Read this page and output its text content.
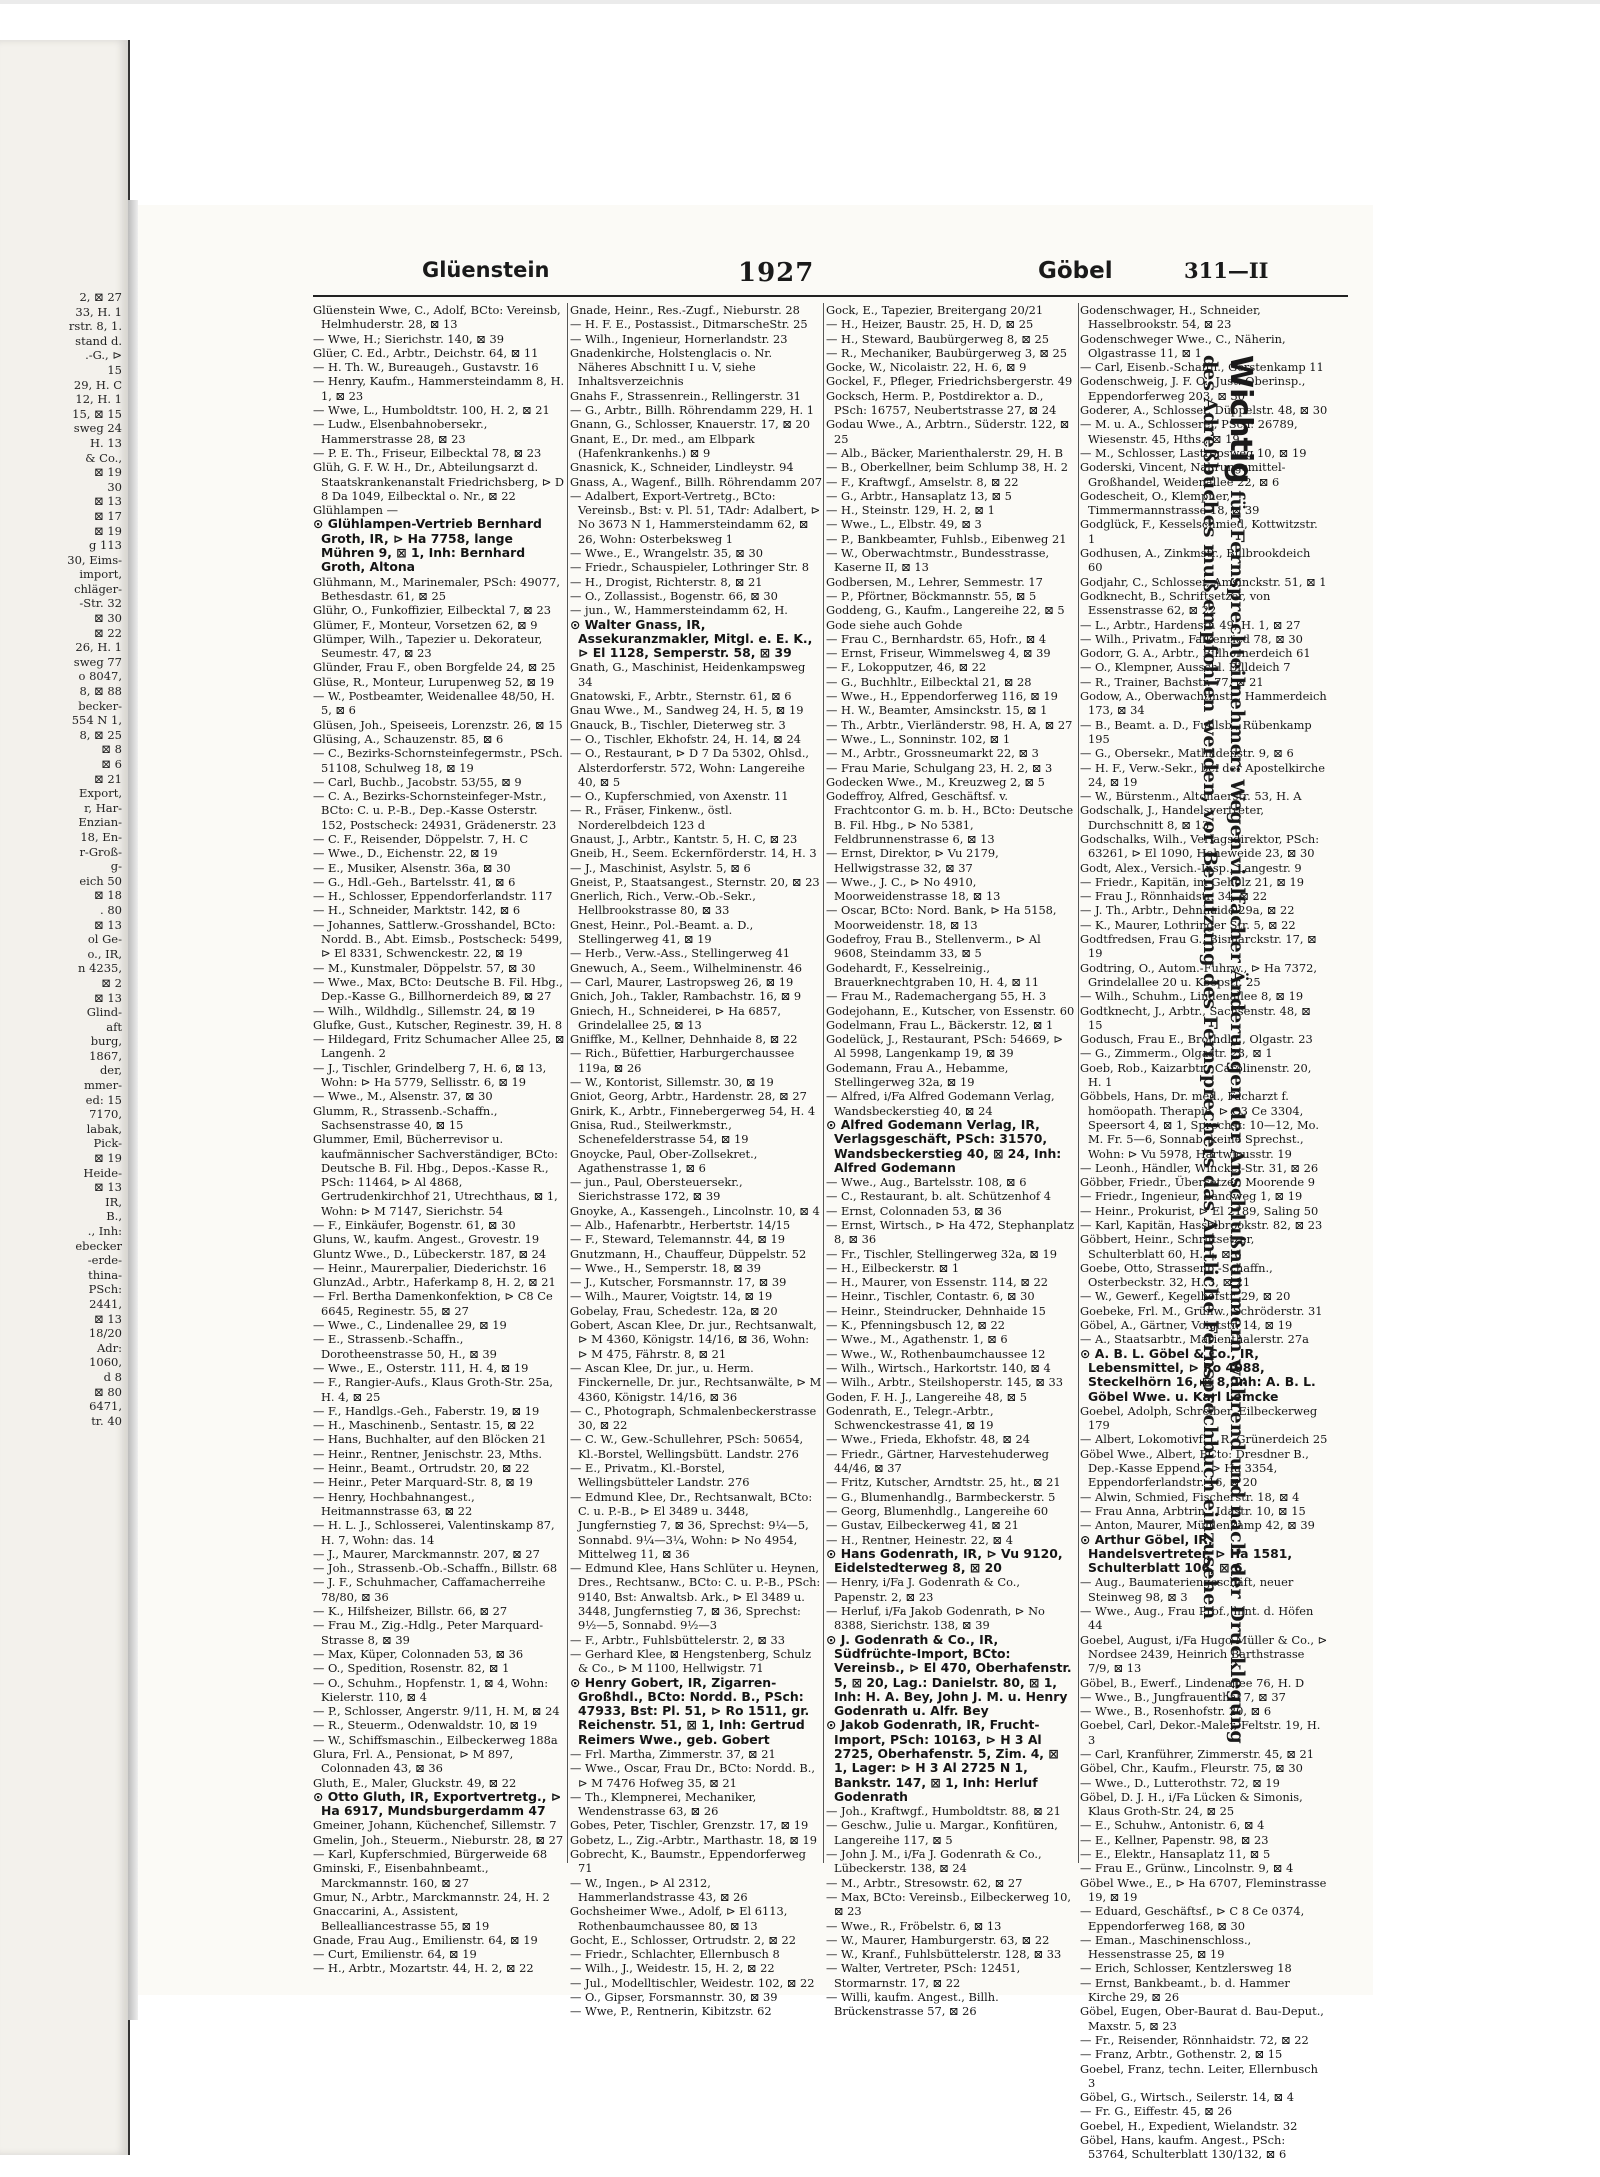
2, ⊠ 27
33, H. 1
rstr. 8, 1.
stand d.
.-G., ⊳
15
29, H. C
12, H. 1
15, ⊠ 15
sweg 24
H. 13
& Co.,
⊠ 19
30
⊠ 13
⊠ 17
⊠ 19
g 113
30, Eims-
import,
chläger-
-Str. 32
⊠ 30
⊠ 22
26, H. 1
sweg 77
o 8047,
8, ⊠ 88
becker-
554 N 1,
8, ⊠ 25
⊠ 8
⊠ 6
⊠ 21
Export,
r, Har-
Enzian-
18, En-
r-Groß-
g-
eich 50
⊠ 18
. 80
⊠ 13
ol Ge-
o., IR,
n 4235,
⊠ 2
⊠ 13
Glind-
aft
burg,
1867,
der,
mmer-
ed: 15
7170,
labak,
Pick-
⊠ 19
Heide-
⊠ 13
IR,
B.,
., Inh:
ebecker
-erde-
thina-
PSch:
2441,
⊠ 13
18/20
Adr:
1060,
d 8
⊠ 80
6471,
tr. 40
Glüenstein	1927	Göbel	311—II

Glüenstein Wwe, C., Adolf, BCto: Vereinsb, Helmhuderstr. 28, ⊠ 13

— Wwe, H.; Sierichstr. 140, ⊠ 39

Glüer, C. Ed., Arbtr., Deichstr. 64, ⊠ 11

— H. Th. W., Bureaugeh., Gustavstr. 16

— Henry, Kaufm., Hammersteindamm 8, H. 1, ⊠ 23

— Wwe, L., Humboldtstr. 100, H. 2, ⊠ 21

— Ludw., Elsenbahnobersekr., Hammerstrasse 28, ⊠ 23

— P. E. Th., Friseur, Eilbecktal 78, ⊠ 23

Glüh, G. F. W. H., Dr., Abteilungsarzt d. Staatskrankenanstalt Friedrichsberg, ⊳ D 8 Da 1049, Eilbecktal o. Nr., ⊠ 22

Glühlampen —

⊙ Glühlampen-Vertrieb Bernhard Groth, IR, ⊳ Ha 7758, lange Mühren 9, ⊠ 1, Inh: Bernhard Groth, Altona

Glühmann, M., Marinemaler, PSch: 49077, Bethesdastr. 61, ⊠ 25

Glühr, O., Funkoffizier, Eilbecktal 7, ⊠ 23

Glümer, F., Monteur, Vorsetzen 62, ⊠ 9

Glümper, Wilh., Tapezier u. Dekorateur, Seumestr. 47, ⊠ 23

Glünder, Frau F., oben Borgfelde 24, ⊠ 25

Glüse, R., Monteur, Lurupenweg 52, ⊠ 19

— W., Postbeamter, Weidenallee 48/50, H. 5, ⊠ 6

Glüsen, Joh., Speiseeis, Lorenzstr. 26, ⊠ 15

Glüsing, A., Schauzenstr. 85, ⊠ 6

— C., Bezirks-Schornsteinfegermstr., PSch. 51108, Schulweg 18, ⊠ 19

— Carl, Buchb., Jacobstr. 53/55, ⊠ 9

— C. A., Bezirks-Schornsteinfeger-Mstr., BCto: C. u. P.-B., Dep.-Kasse Osterstr. 152, Postscheck: 24931, Grädenerstr. 23

— C. F., Reisender, Döppelstr. 7, H. C

— Wwe., D., Eichenstr. 22, ⊠ 19

— E., Musiker, Alsenstr. 36a, ⊠ 30

— G., Hdl.-Geh., Bartelsstr. 41, ⊠ 6

— H., Schlosser, Eppendorferlandstr. 117

— H., Schneider, Marktstr. 142, ⊠ 6

— Johannes, Sattlerw.-Grosshandel, BCto: Nordd. B., Abt. Eimsb., Postscheck: 5499, ⊳ El 8331, Schwenckestr. 22, ⊠ 19

— M., Kunstmaler, Döppelstr. 57, ⊠ 30

— Wwe., Max, BCto: Deutsche B. Fil. Hbg., Dep.-Kasse G., Billhornerdeich 89, ⊠ 27

— Wilh., Wildhdlg., Sillemstr. 24, ⊠ 19

Glufke, Gust., Kutscher, Reginestr. 39, H. 8

— Hildegard, Fritz Schumacher Allee 25, ⊠ Langenh. 2

— J., Tischler, Grindelberg 7, H. 6, ⊠ 13, Wohn: ⊳ Ha 5779, Sellisstr. 6, ⊠ 19

— Wwe., M., Alsenstr. 37, ⊠ 30

Glumm, R., Strassenb.-Schaffn., Sachsenstrasse 40, ⊠ 15

Glummer, Emil, Bücherrevisor u. kaufmännischer Sachverständiger, BCto: Deutsche B. Fil. Hbg., Depos.-Kasse R., PSch: 11464, ⊳ Al 4868, Gertrudenkirchhof 21, Utrechthaus, ⊠ 1, Wohn: ⊳ M 7147, Sierichstr. 54

— F., Einkäufer, Bogenstr. 61, ⊠ 30

Gluns, W., kaufm. Angest., Grovestr. 19

Gluntz Wwe., D., Lübeckerstr. 187, ⊠ 24

— Heinr., Maurerpalier, Diederichstr. 16

GlunzAd., Arbtr., Haferkamp 8, H. 2, ⊠ 21

— Frl. Bertha Damenkonfektion, ⊳ C8 Ce 6645, Reginestr. 55, ⊠ 27

— Wwe., C., Lindenallee 29, ⊠ 19

— E., Strassenb.-Schaffn., Dorotheenstrasse 50, H., ⊠ 39

— Wwe., E., Osterstr. 111, H. 4, ⊠ 19

— F., Rangier-Aufs., Klaus Groth-Str. 25a, H. 4, ⊠ 25

— F., Handlgs.-Geh., Faberstr. 19, ⊠ 19

— H., Maschinenb., Sentastr. 15, ⊠ 22

— Hans, Buchhalter, auf den Blöcken 21

— Heinr., Rentner, Jenischstr. 23, Mths.

— Heinr., Beamt., Ortrudstr. 20, ⊠ 22

— Heinr., Peter Marquard-Str. 8, ⊠ 19

— Henry, Hochbahnangest., Heitmannstrasse 63, ⊠ 22

— H. L. J., Schlosserei, Valentinskamp 87, H. 7, Wohn: das. 14

— J., Maurer, Marckmannstr. 207, ⊠ 27

— Joh., Strassenb.-Ob.-Schaffn., Billstr. 68

— J. F., Schuhmacher, Caffamacherreihe 78/80, ⊠ 36

— K., Hilfsheizer, Billstr. 66, ⊠ 27

— Frau M., Zig.-Hdlg., Peter Marquard-Strasse 8, ⊠ 39

— Max, Küper, Colonnaden 53, ⊠ 36

— O., Spedition, Rosenstr. 82, ⊠ 1

— O., Schuhm., Hopfenstr. 1, ⊠ 4, Wohn: Kielerstr. 110, ⊠ 4

— P., Schlosser, Angerstr. 9/11, H. M, ⊠ 24

— R., Steuerm., Odenwaldstr. 10, ⊠ 19

— W., Schiffsmaschin., Eilbeckerweg 188a

Glura, Frl. A., Pensionat, ⊳ M 897, Colonnaden 43, ⊠ 36

Gluth, E., Maler, Gluckstr. 49, ⊠ 22

⊙ Otto Gluth, IR, Exportvertretg., ⊳ Ha 6917, Mundsburgerdamm 47

Gmeiner, Johann, Küchenchef, Sillemstr. 7

Gmelin, Joh., Steuerm., Nieburstr. 28, ⊠ 27

— Karl, Kupferschmied, Bürgerweide 68

Gminski, F., Eisenbahnbeamt., Marckmannstr. 160, ⊠ 27

Gmur, N., Arbtr., Marckmannstr. 24, H. 2

Gnaccarini, A., Assistent, Bellealliancestrasse 55, ⊠ 19

Gnade, Frau Aug., Emilienstr. 64, ⊠ 19

— Curt, Emilienstr. 64, ⊠ 19

— H., Arbtr., Mozartstr. 44, H. 2, ⊠ 22

Gnade, Heinr., Res.-Zugf., Nieburstr. 28

— H. F. E., Postassist., DitmarscheStr. 25

— Wilh., Ingenieur, Hornerlandstr. 23

Gnadenkirche, Holstenglacis o. Nr. Näheres Abschnitt I u. V, siehe Inhaltsverzeichnis

Gnahs F., Strassenrein., Rellingerstr. 31

— G., Arbtr., Billh. Röhrendamm 229, H. 1

Gnann, G., Schlosser, Knauerstr. 17, ⊠ 20

Gnant, E., Dr. med., am Elbpark (Hafenkrankenhs.) ⊠ 9

Gnasnick, K., Schneider, Lindleystr. 94

Gnass, A., Wagenf., Billh. Röhrendamm 207

— Adalbert, Export-Vertretg., BCto: Vereinsb., Bst: v. Pl. 51, TAdr: Adalbert, ⊳ No 3673 N 1, Hammersteindamm 62, ⊠ 26, Wohn: Osterbeksweg 1

— Wwe., E., Wrangelstr. 35, ⊠ 30

— Friedr., Schauspieler, Lothringer Str. 8

— H., Drogist, Richterstr. 8, ⊠ 21

— O., Zollassist., Bogenstr. 66, ⊠ 30

— jun., W., Hammersteindamm 62, H.

⊙ Walter Gnass, IR, Assekuranzmakler, Mitgl. e. E. K., ⊳ El 1128, Semperstr. 58, ⊠ 39

Gnath, G., Maschinist, Heidenkampsweg 34

Gnatowski, F., Arbtr., Sternstr. 61, ⊠ 6

Gnau Wwe., M., Sandweg 24, H. 5, ⊠ 19

Gnauck, B., Tischler, Dieterweg str. 3

— O., Tischler, Ekhofstr. 24, H. 14, ⊠ 24

— O., Restaurant, ⊳ D 7 Da 5302, Ohlsd., Alsterdorferstr. 572, Wohn: Langereihe 40, ⊠ 5

— O., Kupferschmied, von Axenstr. 11

— R., Fräser, Finkenw., östl. Norderelbdeich 123 d

Gnaust, J., Arbtr., Kantstr. 5, H. C, ⊠ 23

Gneib, H., Seem. Eckernförderstr. 14, H. 3

— J., Maschinist, Asylstr. 5, ⊠ 6

Gneist, P., Staatsangest., Sternstr. 20, ⊠ 23

Gnerlich, Rich., Verw.-Ob.-Sekr., Hellbrookstrasse 80, ⊠ 33

Gnest, Heinr., Pol.-Beamt. a. D., Stellingerweg 41, ⊠ 19

— Herb., Verw.-Ass., Stellingerweg 41

Gnewuch, A., Seem., Wilhelminenstr. 46

— Carl, Maurer, Lastropsweg 26, ⊠ 19

Gnich, Joh., Takler, Rambachstr. 16, ⊠ 9

Gniech, H., Schneiderei, ⊳ Ha 6857, Grindelallee 25, ⊠ 13

Gniffke, M., Kellner, Dehnhaide 8, ⊠ 22

— Rich., Büfettier, Harburgerchaussee 119a, ⊠ 26

— W., Kontorist, Sillemstr. 30, ⊠ 19

Gniot, Georg, Arbtr., Hardenstr. 28, ⊠ 27

Gnirk, K., Arbtr., Finnebergerweg 54, H. 4

Gnisa, Rud., Steilwerkmstr., Schenefelderstrasse 54, ⊠ 19

Gnoycke, Paul, Ober-Zollsekret., Agathenstrasse 1, ⊠ 6

— jun., Paul, Obersteuersekr., Sierichstrasse 172, ⊠ 39

Gnoyke, A., Kassengeh., Lincolnstr. 10, ⊠ 4

— Alb., Hafenarbtr., Herbertstr. 14/15

— F., Steward, Telemannstr. 44, ⊠ 19

Gnutzmann, H., Chauffeur, Düppelstr. 52

— Wwe., H., Semperstr. 18, ⊠ 39

— J., Kutscher, Forsmannstr. 17, ⊠ 39

— Wilh., Maurer, Voigtstr. 14, ⊠ 19

Gobelay, Frau, Schedestr. 12a, ⊠ 20

Gobert, Ascan Klee, Dr. jur., Rechtsanwalt, ⊳ M 4360, Königstr. 14/16, ⊠ 36, Wohn: ⊳ M 475, Fährstr. 8, ⊠ 21

— Ascan Klee, Dr. jur., u. Herm. Finckernelle, Dr. jur., Rechtsanwälte, ⊳ M 4360, Königstr. 14/16, ⊠ 36

— C., Photograph, Schmalenbeckerstrasse 30, ⊠ 22

— C. W., Gew.-Schullehrer, PSch: 50654, Kl.-Borstel, Wellingsbütt. Landstr. 276

— E., Privatm., Kl.-Borstel, Wellingsbütteler Landstr. 276

— Edmund Klee, Dr., Rechtsanwalt, BCto: C. u. P.-B., ⊳ El 3489 u. 3448, Jungfernstieg 7, ⊠ 36, Sprechst: 9¼—5, Sonnabd. 9¼—3¼, Wohn: ⊳ No 4954, Mittelweg 11, ⊠ 36

— Edmund Klee, Hans Schlüter u. Heynen, Dres., Rechtsanw., BCto: C. u. P.-B., PSch: 9140, Bst: Anwaltsb. Ark., ⊳ El 3489 u. 3448, Jungfernstieg 7, ⊠ 36, Sprechst: 9½—5, Sonnabd. 9½—3

— F., Arbtr., Fuhlsbüttelerstr. 2, ⊠ 33

— Gerhard Klee, ⊠ Hengstenberg, Schulz & Co., ⊳ M 1100, Hellwigstr. 71

⊙ Henry Gobert, IR, Zigarren-Großhdl., BCto: Nordd. B., PSch: 47933, Bst: Pl. 51, ⊳ Ro 1511, gr. Reichenstr. 51, ⊠ 1, Inh: Gertrud Reimers Wwe., geb. Gobert

— Frl. Martha, Zimmerstr. 37, ⊠ 21

— Wwe., Oscar, Frau Dr., BCto: Nordd. B., ⊳ M 7476 Hofweg 35, ⊠ 21

— Th., Klempnerei, Mechaniker, Wendenstrasse 63, ⊠ 26

Gobes, Peter, Tischler, Grenzstr. 17, ⊠ 19

Gobetz, L., Zig.-Arbtr., Marthastr. 18, ⊠ 19

Gobrecht, K., Baumstr., Eppendorferweg 71

— W., Ingen., ⊳ Al 2312, Hammerlandstrasse 43, ⊠ 26

Gochsheimer Wwe., Adolf, ⊳ El 6113, Rothenbaumchaussee 80, ⊠ 13

Gocht, E., Schlosser, Ortrudstr. 2, ⊠ 22

— Friedr., Schlachter, Ellernbusch 8

— Wilh., J., Weidestr. 15, H. 2, ⊠ 22

— Jul., Modelltischler, Weidestr. 102, ⊠ 22

— O., Gipser, Forsmannstr. 30, ⊠ 39

— Wwe, P., Rentnerin, Kibitzstr. 62

Gock, E., Tapezier, Breitergang 20/21

— H., Heizer, Baustr. 25, H. D, ⊠ 25

— H., Steward, Baubürgerweg 8, ⊠ 25

— R., Mechaniker, Baubürgerweg 3, ⊠ 25

Gocke, W., Nicolaistr. 22, H. 6, ⊠ 9

Gockel, F., Pfleger, Friedrichsbergerstr. 49

Gocksch, Herm. P., Postdirektor a. D., PSch: 16757, Neubertstrasse 27, ⊠ 24

Godau Wwe., A., Arbtrn., Süderstr. 122, ⊠ 25

— Alb., Bäcker, Marienthalerstr. 29, H. B

— B., Oberkellner, beim Schlump 38, H. 2

— F., Kraftwgf., Amselstr. 8, ⊠ 22

— G., Arbtr., Hansaplatz 13, ⊠ 5

— H., Steinstr. 129, H. 2, ⊠ 1

— Wwe., L., Elbstr. 49, ⊠ 3

— P., Bankbeamter, Fuhlsb., Eibenweg 21

— W., Oberwachtmstr., Bundesstrasse, Kaserne II, ⊠ 13

Godbersen, M., Lehrer, Semmestr. 17

— P., Pförtner, Böckmannstr. 55, ⊠ 5

Goddeng, G., Kaufm., Langereihe 22, ⊠ 5

Gode siehe auch Gohde

— Frau C., Bernhardstr. 65, Hofr., ⊠ 4

— Ernst, Friseur, Wimmelsweg 4, ⊠ 39

— F., Lokopputzer, 46, ⊠ 22

— G., Buchhltr., Eilbecktal 21, ⊠ 28

— Wwe., H., Eppendorferweg 116, ⊠ 19

— H. W., Beamter, Amsinckstr. 15, ⊠ 1

— Th., Arbtr., Vierländerstr. 98, H. A, ⊠ 27

— Wwe., L., Sonninstr. 102, ⊠ 1

— M., Arbtr., Grossneumarkt 22, ⊠ 3

— Frau Marie, Schulgang 23, H. 2, ⊠ 3

Godecken Wwe., M., Kreuzweg 2, ⊠ 5

Godeffroy, Alfred, Geschäftsf. v. Frachtcontor G. m. b. H., BCto: Deutsche B. Fil. Hbg., ⊳ No 5381, Feldbrunnenstrasse 6, ⊠ 13

— Ernst, Direktor, ⊳ Vu 2179, Hellwigstrasse 32, ⊠ 37

— Wwe., J. C., ⊳ No 4910, Moorweidenstrasse 18, ⊠ 13

— Oscar, BCto: Nord. Bank, ⊳ Ha 5158, Moorweidenstr. 18, ⊠ 13

Godefroy, Frau B., Stellenverm., ⊳ Al 9608, Steindamm 33, ⊠ 5

Godehardt, F., Kesselreinig., Brauerknechtgraben 10, H. 4, ⊠ 11

— Frau M., Rademachergang 55, H. 3

Godejohann, E., Kutscher, von Essenstr. 60

Godelmann, Frau L., Bäckerstr. 12, ⊠ 1

Godelück, J., Restaurant, PSch: 54669, ⊳ Al 5998, Langenkamp 19, ⊠ 39

Godemann, Frau A., Hebamme, Stellingerweg 32a, ⊠ 19

— Alfred, i/Fa Alfred Godemann Verlag, Wandsbeckerstieg 40, ⊠ 24

⊙ Alfred Godemann Verlag, IR, Verlagsgeschäft, PSch: 31570, Wandsbeckerstieg 40, ⊠ 24, Inh: Alfred Godemann

— Wwe., Aug., Bartelsstr. 108, ⊠ 6

— C., Restaurant, b. alt. Schützenhof 4

— Ernst, Colonnaden 53, ⊠ 36

— Ernst, Wirtsch., ⊳ Ha 472, Stephanplatz 8, ⊠ 36

— Fr., Tischler, Stellingerweg 32a, ⊠ 19

— H., Eilbeckerstr. ⊠ 1

— H., Maurer, von Essenstr. 114, ⊠ 22

— Heinr., Tischler, Contastr. 6, ⊠ 30

— Heinr., Steindrucker, Dehnhaide 15

— K., Pfenningsbusch 12, ⊠ 22

— Wwe., M., Agathenstr. 1, ⊠ 6

— Wwe., W., Rothenbaumchaussee 12

— Wilh., Wirtsch., Harkortstr. 140, ⊠ 4

— Wilh., Arbtr., Steilshoperstr. 145, ⊠ 33

Goden, F. H. J., Langereihe 48, ⊠ 5

Godenrath, E., Telegr.-Arbtr., Schwenckestrasse 41, ⊠ 19

— Wwe., Frieda, Ekhofstr. 48, ⊠ 24

— Friedr., Gärtner, Harvestehuderweg 44/46, ⊠ 37

— Fritz, Kutscher, Arndtstr. 25, ht., ⊠ 21

— G., Blumenhandlg., Barmbeckerstr. 5

— Georg, Blumenhdlg., Langereihe 60

— Gustav, Eilbeckerweg 41, ⊠ 21

— H., Rentner, Heinestr. 22, ⊠ 4

⊙ Hans Godenrath, IR, ⊳ Vu 9120, Eidelstedterweg 8, ⊠ 20

— Henry, i/Fa J. Godenrath & Co., Papenstr. 2, ⊠ 23

— Herluf, i/Fa Jakob Godenrath, ⊳ No 8388, Sierichstr. 138, ⊠ 39

⊙ J. Godenrath & Co., IR, Südfrüchte-Import, BCto: Vereinsb., ⊳ El 470, Oberhafenstr. 5, ⊠ 20, Lag.: Danielstr. 80, ⊠ 1, Inh: H. A. Bey, John J. M. u. Henry Godenrath u. Alfr. Bey

⊙ Jakob Godenrath, IR, Frucht-Import, PSch: 10163, ⊳ H 3 Al 2725, Oberhafenstr. 5, Zim. 4, ⊠ 1, Lager: ⊳ H 3 Al 2725 N 1, Bankstr. 147, ⊠ 1, Inh: Herluf Godenrath

— Joh., Kraftwgf., Humboldtstr. 88, ⊠ 21

— Geschw., Julie u. Margar., Konfitüren, Langereihe 117, ⊠ 5

— John J. M., i/Fa J. Godenrath & Co., Lübeckerstr. 138, ⊠ 24

— M., Arbtr., Stresowstr. 62, ⊠ 27

— Max, BCto: Vereinsb., Eilbeckerweg 10, ⊠ 23

— Wwe., R., Fröbelstr. 6, ⊠ 13

— W., Maurer, Hamburgerstr. 63, ⊠ 22

— W., Kranf., Fuhlsbüttelerstr. 128, ⊠ 33

— Walter, Vertreter, PSch: 12451, Stormarnstr. 17, ⊠ 22

— Willi, kaufm. Angest., Billh. Brückenstrasse 57, ⊠ 26

Godenschwager, H., Schneider, Hasselbrookstr. 54, ⊠ 23

Godenschweger Wwe., C., Näherin, Olgastrasse 11, ⊠ 1

— Carl, Eisenb.-Schaffn., Gerstenkamp 11

Godenschweig, J. F. O., Just.-Oberinsp., Eppendorferweg 203, ⊠ 30

Goderer, A., Schlosser, Düppelstr. 48, ⊠ 30

— M. u. A., Schlosserei, PSch: 26789, Wiesenstr. 45, Hths., ⊠ 19

— M., Schlosser, Lastropsweg 10, ⊠ 19

Goderski, Vincent, Nahrungsmittel-Großhandel, Weidenallee 22, ⊠ 6

Godescheit, O., Klempner, Timmermannstrasse 18, ⊠ 39

Godglück, F., Kesselschmied, Kottwitzstr. 1

Godhusen, A., Zinkmstr., Billbrookdeich 60

Godjahr, C., Schlosser, Amsinckstr. 51, ⊠ 1

Godknecht, B., Schriftsetzer, von Essenstrasse 62, ⊠ 22

— L., Arbtr., Hardenstr. 49, H. 1, ⊠ 27

— Wilh., Privatm., Falkenried 78, ⊠ 30

Godorr, G. A., Arbtr., Billhornerdeich 61

— O., Klempner, Ausschl. Billdeich 7

— R., Trainer, Bachstr. 77, ⊠ 21

Godow, A., Oberwachtmstr., Hammerdeich 173, ⊠ 34

— B., Beamt. a. D., Fuhlsb., Rübenkamp 195

— G., Obersekr., Mathildenstr. 9, ⊠ 6

— H. F., Verw.-Sekr., bei der Apostelkirche 24, ⊠ 19

— W., Bürstenm., Altonaerstr. 53, H. A

Godschalk, J., Handelsvertreter, Durchschnitt 8, ⊠ 13

Godschalks, Wilh., Verlagsdirektor, PSch: 63261, ⊳ El 1090, Hoheweide 23, ⊠ 30

Godt, Alex., Versich.-Insp., Langestr. 9

— Friedr., Kapitän, im Gehölz 21, ⊠ 19

— Frau J., Rönnhaidstr. 34, ⊠ 22

— J. Th., Arbtr., Dehnhaide 29a, ⊠ 22

— K., Maurer, Lothringer Str. 5, ⊠ 22

Godtfredsen, Frau G., Bismarckstr. 17, ⊠ 19

Godtring, O., Autom.-Fuhrw., ⊳ Ha 7372, Grindelallee 20 u. Koopstr. 25

— Wilh., Schuhm., Lindenallee 8, ⊠ 19

Godtknecht, J., Arbtr., Sachsenstr. 48, ⊠ 15

Godusch, Frau E., Brothdlg., Olgastr. 23

— G., Zimmerm., Olgastr. 23, ⊠ 1

Goeb, Rob., Kaizarbtr., Carolinenstr. 20, H. 1

Göbbels, Hans, Dr. med., Facharzt f. homöopath. Therapie, ⊳ C3 Ce 3304, Speersort 4, ⊠ 1, Sprechst: 10—12, Mo. M. Fr. 5—6, Sonnab. keine Sprechst., Wohn: ⊳ Vu 5978, Hartwicusstr. 19

— Leonh., Händler, Winckel-Str. 31, ⊠ 26

Göbber, Friedr., Übersetzer, Moorende 9

— Friedr., Ingenieur, Sandweg 1, ⊠ 19

— Heinr., Prokurist, ⊳ El 2189, Saling 50

— Karl, Kapitän, Hasselbrookstr. 82, ⊠ 23

Göbbert, Heinr., Schriftsetzer, Schulterblatt 60, H. 1, ⊠ 6

Goebe, Otto, Strassenb.-Schaffn., Osterbeckstr. 32, H. 3, ⊠ 21

— W., Gewerf., Kegelhofstr. 29, ⊠ 20

Goebeke, Frl. M., Grünw., Schröderstr. 31

Göbel, A., Gärtner, Voigtstr. 14, ⊠ 19

— A., Staatsarbtr., Marienthalerstr. 27a

⊙ A. B. L. Göbel & Co., IR, Lebensmittel, ⊳ Ro 4088, Steckelhörn 16, ⊠ 8, Inh: A. B. L. Göbel Wwe. u. Karl Lemcke

Goebel, Adolph, Schreiber, Eilbeckerweg 179

— Albert, Lokomotivf. i. R. Grünerdeich 25

Göbel Wwe., Albert, BCto: Dresdner B., Dep.-Kasse Eppend., ⊳ Ha 3354, Eppendorferlandstr. 16, ⊠ 20

— Alwin, Schmied, Fischerstr. 18, ⊠ 4

— Frau Anna, Arbtrin., Idastr. 10, ⊠ 15

— Anton, Maurer, Mühlenkamp 42, ⊠ 39

⊙ Arthur Göbel, IR, Handelsvertreter, ⊳ Ha 1581, Schulterblatt 106, ⊠ 6

— Aug., Baumateriengeschäft, neuer Steinweg 98, ⊠ 3

— Wwe., Aug., Frau Prof., hint. d. Höfen 44

Goebel, August, i/Fa Hugo Müller & Co., ⊳ Nordsee 2439, Heinrich Barthstrasse 7/9, ⊠ 13

Göbel, B., Ewerf., Lindenallee 76, H. D

— Wwe., B., Jungfrauenthal 7, ⊠ 37

— Wwe., B., Rosenhofstr. 20, ⊠ 6

Goebel, Carl, Dekor.-Maler, Feltstr. 19, H. 3

— Carl, Kranführer, Zimmerstr. 45, ⊠ 21

Göbel, Chr., Kaufm., Fleurstr. 75, ⊠ 30

— Wwe., D., Lutterothstr. 72, ⊠ 19

Göbel, D. J. H., i/Fa Lücken & Simonis, Klaus Groth-Str. 24, ⊠ 25

— E., Schuhw., Antonistr. 6, ⊠ 4

— E., Kellner, Papenstr. 98, ⊠ 23

— E., Elektr., Hansaplatz 11, ⊠ 5

— Frau E., Grünw., Lincolnstr. 9, ⊠ 4

Göbel Wwe., E., ⊳ Ha 6707, Fleminstrasse 19, ⊠ 19

— Eduard, Geschäftsf., ⊳ C 8 Ce 0374, Eppendorferweg 168, ⊠ 30

— Eman., Maschinenschloss., Hessenstrasse 25, ⊠ 19

— Erich, Schlosser, Kentzlersweg 18

— Ernst, Bankbeamt., b. d. Hammer Kirche 29, ⊠ 26

Göbel, Eugen, Ober-Baurat d. Bau-Deput., Maxstr. 5, ⊠ 23

— Fr., Reisender, Rönnhaidstr. 72, ⊠ 22

— Franz, Arbtr., Gothenstr. 2, ⊠ 15

Goebel, Franz, techn. Leiter, Ellernbusch 3

Göbel, G., Wirtsch., Seilerstr. 14, ⊠ 4

— Fr. G., Eiffestr. 45, ⊠ 26

Goebel, H., Expedient, Wielandstr. 32

Göbel, Hans, kaufm. Angest., PSch: 53764, Schulterblatt 130/132, ⊠ 6

Wichtig für Fernsprechteilnehmer: Wegen vielfacher Änderungen der Anschlußnummern während und nach der Drucklegung
des Adreßbuches muß empfohlen werden, vor Benutzung des Fernsprechers das Amtliche Fernsprechbuch einzusehen
